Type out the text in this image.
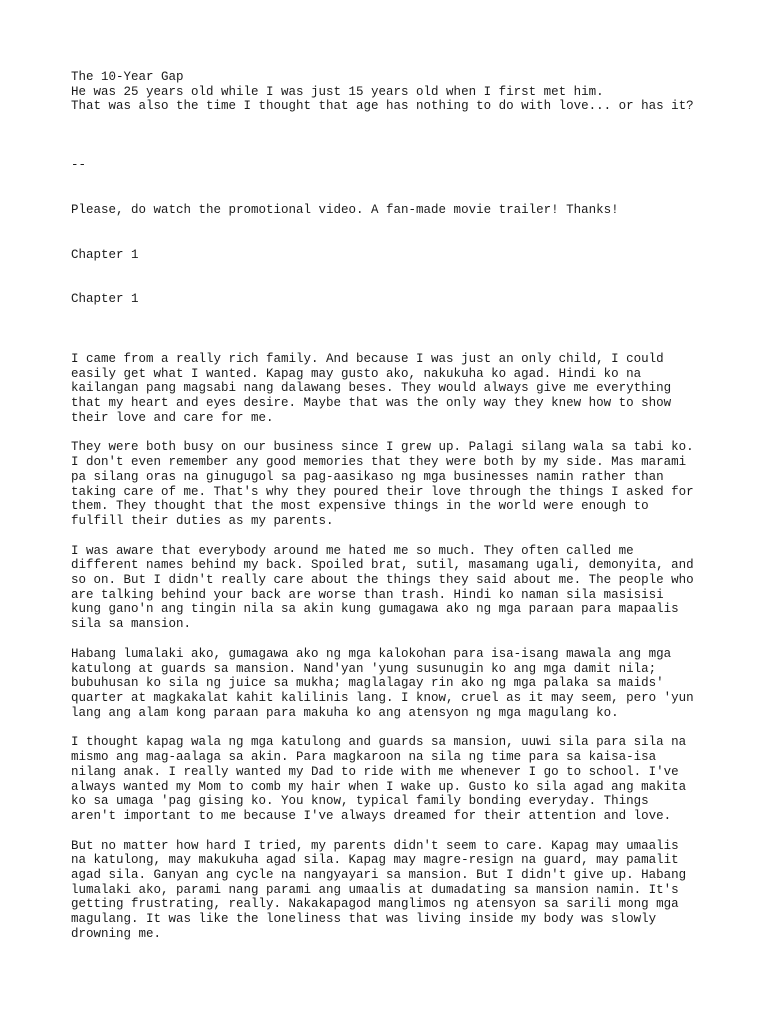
The 10-Year Gap

He was 25 years old while I was just 15 years old when I first met him.

That was also the time I thought that age has nothing to do with love... or has it?

--

Please, do watch the promotional video. A fan-made movie trailer! Thanks!

Chapter 1

Chapter 1

I came from a really rich family. And because I was just an only child, I could

easily get what I wanted. Kapag may gusto ako, nakukuha ko agad. Hindi ko na

kailangan pang magsabi nang dalawang beses. They would always give me everything

that my heart and eyes desire. Maybe that was the only way they knew how to show

their love and care for me.

They were both busy on our business since I grew up. Palagi silang wala sa tabi ko.

I don't even remember any good memories that they were both by my side. Mas marami

pa silang oras na ginugugol sa pag-aasikaso ng mga businesses namin rather than

taking care of me. That's why they poured their love through the things I asked for

them. They thought that the most expensive things in the world were enough to

fulfill their duties as my parents.

I was aware that everybody around me hated me so much. They often called me

different names behind my back. Spoiled brat, sutil, masamang ugali, demonyita, and

so on. But I didn't really care about the things they said about me. The people who

are talking behind your back are worse than trash. Hindi ko naman sila masisisi

kung gano'n ang tingin nila sa akin kung gumagawa ako ng mga paraan para mapaalis

sila sa mansion.

Habang lumalaki ako, gumagawa ako ng mga kalokohan para isa-isang mawala ang mga

katulong at guards sa mansion. Nand'yan 'yung susunugin ko ang mga damit nila;

bubuhusan ko sila ng juice sa mukha; maglalagay rin ako ng mga palaka sa maids'

quarter at magkakalat kahit kalilinis lang. I know, cruel as it may seem, pero 'yun

lang ang alam kong paraan para makuha ko ang atensyon ng mga magulang ko.

I thought kapag wala ng mga katulong and guards sa mansion, uuwi sila para sila na

mismo ang mag-aalaga sa akin. Para magkaroon na sila ng time para sa kaisa-isa

nilang anak. I really wanted my Dad to ride with me whenever I go to school. I've

always wanted my Mom to comb my hair when I wake up. Gusto ko sila agad ang makita

ko sa umaga 'pag gising ko. You know, typical family bonding everyday. Things

aren't important to me because I've always dreamed for their attention and love.

But no matter how hard I tried, my parents didn't seem to care. Kapag may umaalis

na katulong, may makukuha agad sila. Kapag may magre-resign na guard, may pamalit

agad sila. Ganyan ang cycle na nangyayari sa mansion. But I didn't give up. Habang

lumalaki ako, parami nang parami ang umaalis at dumadating sa mansion namin. It's

getting frustrating, really. Nakakapagod manglimos ng atensyon sa sarili mong mga

magulang. It was like the loneliness that was living inside my body was slowly

drowning me.
